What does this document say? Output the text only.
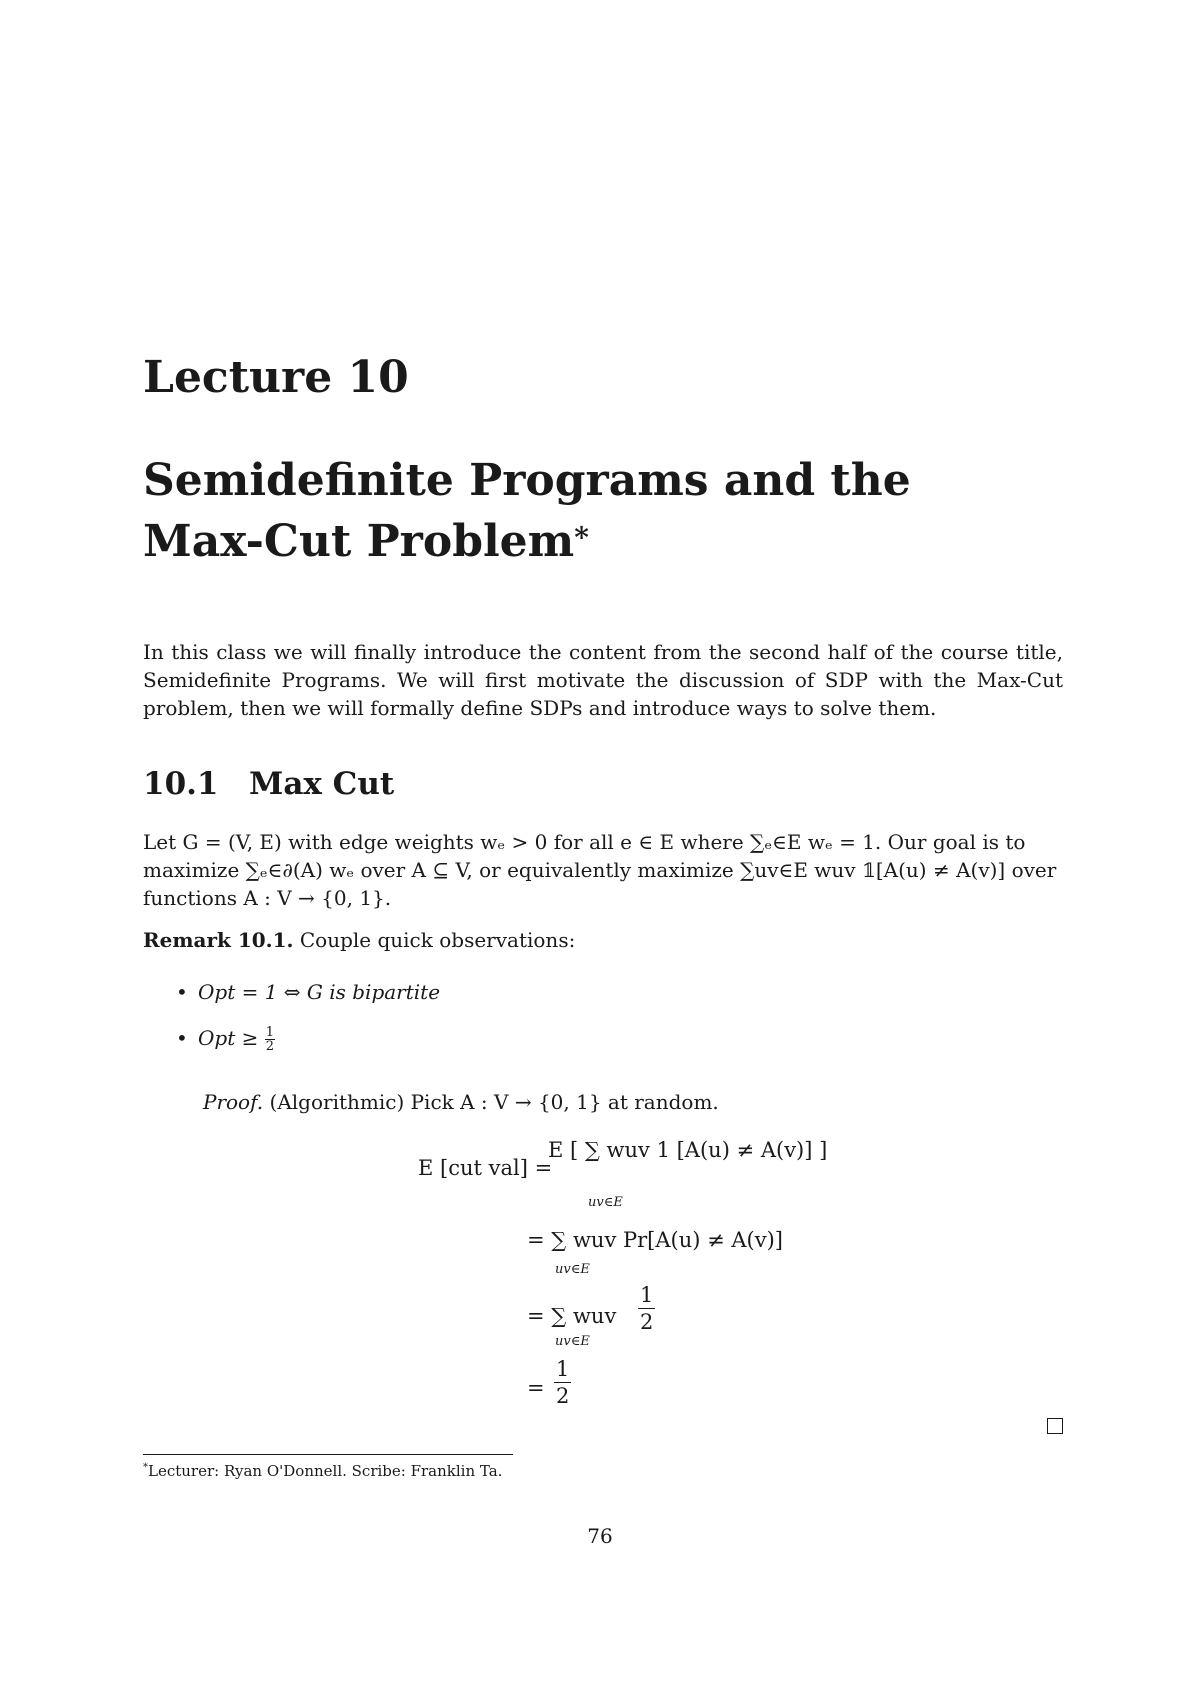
Lecture 10
Semidefinite Programs and the
Max-Cut Problem*
In this class we will finally introduce the content from the second half of the course title, Semidefinite Programs. We will first motivate the discussion of SDP with the Max-Cut problem, then we will formally define SDPs and introduce ways to solve them.
10.1 Max Cut
Let G = (V, E) with edge weights wₑ > 0 for all e ∈ E where ∑ₑ∈E wₑ = 1. Our goal is to
maximize ∑ₑ∈∂(A) wₑ over A ⊆ V, or equivalently maximize ∑uv∈E wuv 𝟙[A(u) ≠ A(v)] over
functions A : V → {0, 1}.
Remark 10.1. Couple quick observations:
• Opt = 1 ⇔ G is bipartite
• Opt ≥ $\frac{1}{2}$
Proof. (Algorithmic) Pick A : V → {0, 1} at random.
E [cut val] =
E [ ∑ wuv 1 [A(u) ≠ A(v)] ]
uv∈E
= ∑ wuv Pr[A(u) ≠ A(v)]
uv∈E
= ∑ wuv
1
2
uv∈E
=
1
2
*Lecturer: Ryan O'Donnell. Scribe: Franklin Ta.
76
